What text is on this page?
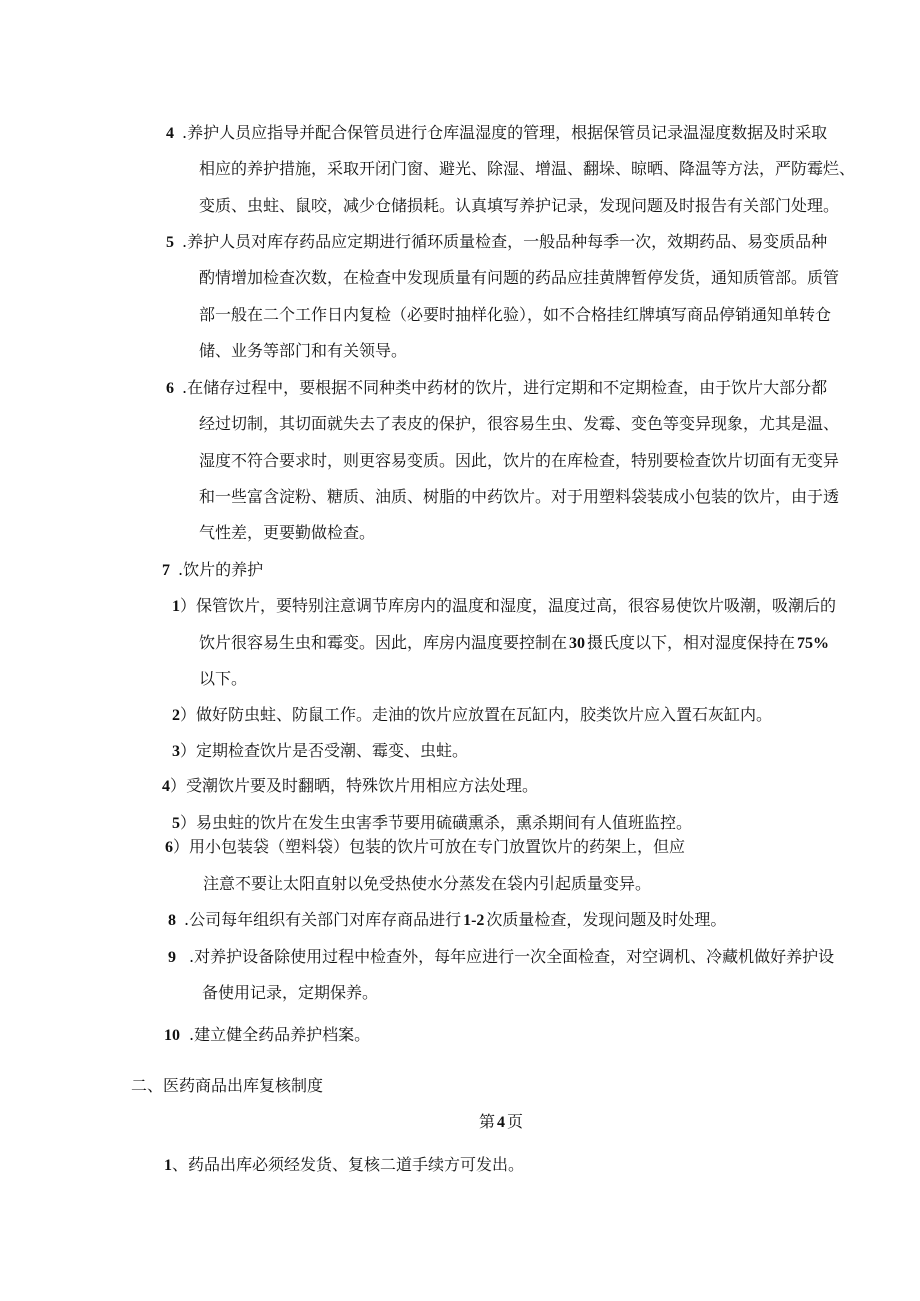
4 .养护人员应指导并配合保管员进行仓库温湿度的管理，根据保管员记录温湿度数据及时采取
相应的养护措施，采取开闭门窗、避光、除湿、增温、翻垛、晾晒、降温等方法，严防霉烂、
变质、虫蛀、鼠咬，减少仓储损耗。认真填写养护记录，发现问题及时报告有关部门处理。
5 .养护人员对库存药品应定期进行循环质量检查，一般品种每季一次，效期药品、易变质品种
酌情增加检查次数，在检查中发现质量有问题的药品应挂黄牌暂停发货，通知质管部。质管
部一般在二个工作日内复检（必要时抽样化验），如不合格挂红牌填写商品停销通知单转仓
储、业务等部门和有关领导。
6 .在储存过程中，要根据不同种类中药材的饮片，进行定期和不定期检查，由于饮片大部分都
经过切制，其切面就失去了表皮的保护，很容易生虫、发霉、变色等变异现象，尤其是温、
湿度不符合要求时，则更容易变质。因此，饮片的在库检查，特别要检查饮片切面有无变异
和一些富含淀粉、糖质、油质、树脂的中药饮片。对于用塑料袋装成小包装的饮片，由于透
气性差，更要勤做检查。
7 .饮片的养护
1）保管饮片，要特别注意调节库房内的温度和湿度，温度过高，很容易使饮片吸潮，吸潮后的
饮片很容易生虫和霉变。因此，库房内温度要控制在 30 摄氏度以下，相对湿度保持在 75%
以下。
2）做好防虫蛀、防鼠工作。走油的饮片应放置在瓦缸内，胶类饮片应入置石灰缸内。
3）定期检查饮片是否受潮、霉变、虫蛀。
4）受潮饮片要及时翻晒，特殊饮片用相应方法处理。
5）易虫蛀的饮片在发生虫害季节要用硫磺熏杀，熏杀期间有人值班监控。
6）用小包装袋（塑料袋）包装的饮片可放在专门放置饮片的药架上，但应
注意不要让太阳直射以免受热使水分蒸发在袋内引起质量变异。
8 .公司每年组织有关部门对库存商品进行 1-2 次质量检查，发现问题及时处理。
9 .对养护设备除使用过程中检查外，每年应进行一次全面检查，对空调机、冷藏机做好养护设
备使用记录，定期保养。
10 .建立健全药品养护档案。
二、医药商品出库复核制度
第 4 页
1、药品出库必须经发货、复核二道手续方可发出。
